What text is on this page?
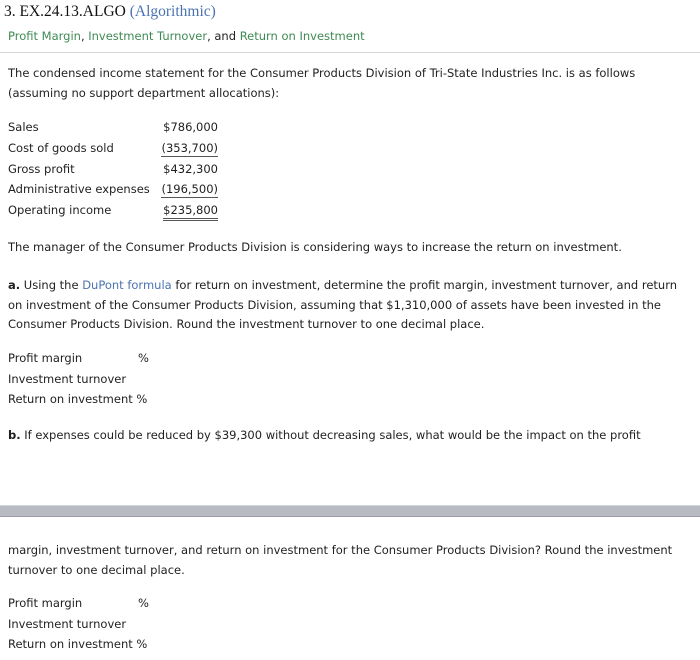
3. EX.24.13.ALGO (Algorithmic)
Profit Margin, Investment Turnover, and Return on Investment
The condensed income statement for the Consumer Products Division of Tri-State Industries Inc. is as follows (assuming no support department allocations):
Sales	$786,000
Cost of goods sold	(353,700)
Gross profit	$432,300
Administrative expenses	(196,500)
Operating income	$235,800
The manager of the Consumer Products Division is considering ways to increase the return on investment.
a. Using the DuPont formula for return on investment, determine the profit margin, investment turnover, and return on investment of the Consumer Products Division, assuming that $1,310,000 of assets have been invested in the Consumer Products Division. Round the investment turnover to one decimal place.
Profit margin	%
Investment turnover
Return on investment %
b. If expenses could be reduced by $39,300 without decreasing sales, what would be the impact on the profit
margin, investment turnover, and return on investment for the Consumer Products Division? Round the investment turnover to one decimal place.
Profit margin	%
Investment turnover
Return on investment %
